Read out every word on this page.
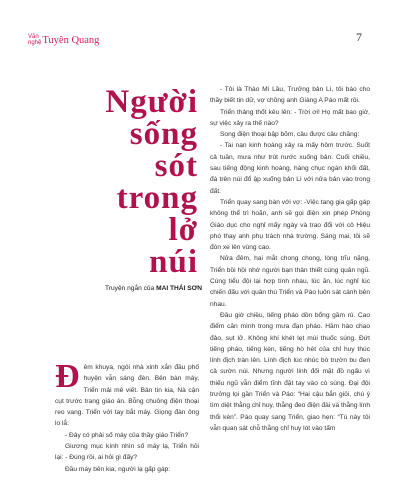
Văn
nghệ Tuyên Quang	7
Người
sống
sót
trong
lở
núi
Truyện ngắn của MAI THÁI SƠN

Đêm khuya, ngôi nhà xinh xắn đầu phố huyện vẫn sáng đèn. Bên bàn máy, Triển mải mê viết. Bản tin kia, Nà cận cụt trước trang giáo án. Bỗng chuông điện thoại reo vang. Triển với tay bắt máy. Giọng đàn ông lo lắ:

- Đây có phải số máy của thầy giáo Triển?

Giương mục kính nhìn số máy lạ, Triển hỏi lại: - Đúng rồi, ai hỏi gì đấy?

Đầu máy bên kia, người lạ gấp gáp:

- Tôi là Thào Mí Lầu, Trưởng bản Lì, tôi báo cho thầy biết tin dữ, vợ chồng anh Giàng A Páo mất rồi.

Triển thảng thốt kêu lên: - Trời ơi! Họ mất bao giờ, sự việc xảy ra thế nào?

Song điện thoại bập bõm, câu được câu chăng:

- Tai nạn kinh hoàng xảy ra mấy hôm trước. Suốt cả tuần, mưa như trút nước xuống bản. Cuối chiều, sau tiếng động kinh hoàng, hàng chục ngàn khối đất, đá trên núi đổ ập xuống bản Lì với nửa bản vào trong đất.

Triển quay sang bàn với vợ: -Việc tang gia gấp gáp không thể trì hoãn, anh sẽ gọi điện xin phép Phòng Giáo dục cho nghỉ mấy ngày và trao đổi với cô Hiệu phó thay anh phụ trách nhà trường. Sáng mai, tôi sẽ đón xe lên vùng cao.

Nửa đêm, hai mắt chong chong, lòng trĩu nặng, Triển bồi hồi nhớ người bạn thân thiết cùng quân ngũ. Cùng tiểu đội lại hợp tính nhau, lúc ăn, lúc nghỉ lúc chiến đấu với quân thù Triển và Páo luôn sát cánh bên nhau.

Đầu giờ chiều, tiếng pháo dồn bổng gầm rú. Cao điểm căn mình trong mưa đạn pháo. Hầm hào chao đảo, sụt lở. Không khí khét lẹt mùi thuốc súng. Đứt tiếng pháo, tiếng kèn, tiếng hò hét của chỉ huy thúc lính địch tràn lên. Lính địch lúc nhúc bò trườn bu đen cả sườn núi. Nhưng người lính đối mặt đồ ngấu vì thiếu ngũ vẫn điểm tĩnh đặt tay vào cò súng. Đại đội trưởng lọi gần Triển và Páo: “Hai cậu bắn giỏi, chú ý tìm diệt thằng chỉ huy, thằng đeo điện đài và thằng lính thổi kèn”. Páo quay sang Triển, giao hẹn: “Tú này tôi vẫn quan sát chỗ thằng chỉ huy lót vào tấm
